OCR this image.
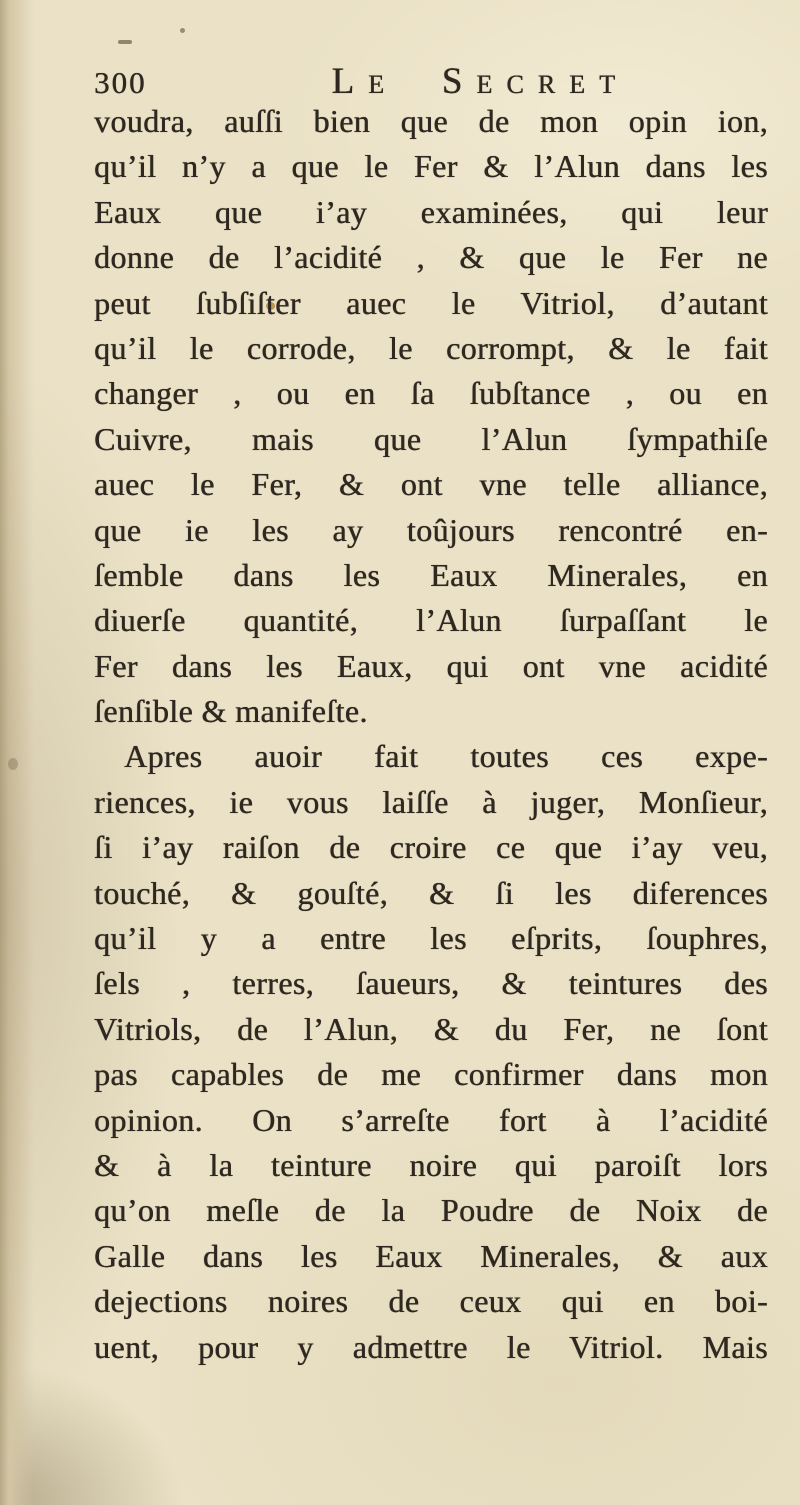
300	Le Secret
voudra, auſſi bien que de mon opin ion,
qu’il n’y a que le Fer & l’Alun dans les
Eaux que i’ay examinées, qui leur
donne de l’acidité , & que le Fer ne
peut ſubſiſter auec le Vitriol, d’autant
qu’il le corrode, le corrompt, & le fait
changer , ou en ſa ſubſtance , ou en
Cuivre, mais que l’Alun ſympathiſe
auec le Fer, & ont vne telle alliance,
que ie les ay toûjours rencontré en-
ſemble dans les Eaux Minerales, en
diuerſe quantité, l’Alun ſurpaſſant le
Fer dans les Eaux, qui ont vne acidité
ſenſible & manifeſte.
Apres auoir fait toutes ces expe-
riences, ie vous laiſſe à juger, Monſieur,
ſi i’ay raiſon de croire ce que i’ay veu,
touché, & gouſté, & ſi les diferences
qu’il y a entre les eſprits, ſouphres,
ſels , terres, ſaueurs, & teintures des
Vitriols, de l’Alun, & du Fer, ne ſont
pas capables de me confirmer dans mon
opinion. On s’arreſte fort à l’acidité
& à la teinture noire qui paroiſt lors
qu’on meſle de la Poudre de Noix de
Galle dans les Eaux Minerales, & aux
dejections noires de ceux qui en boi-
uent, pour y admettre le Vitriol. Mais
